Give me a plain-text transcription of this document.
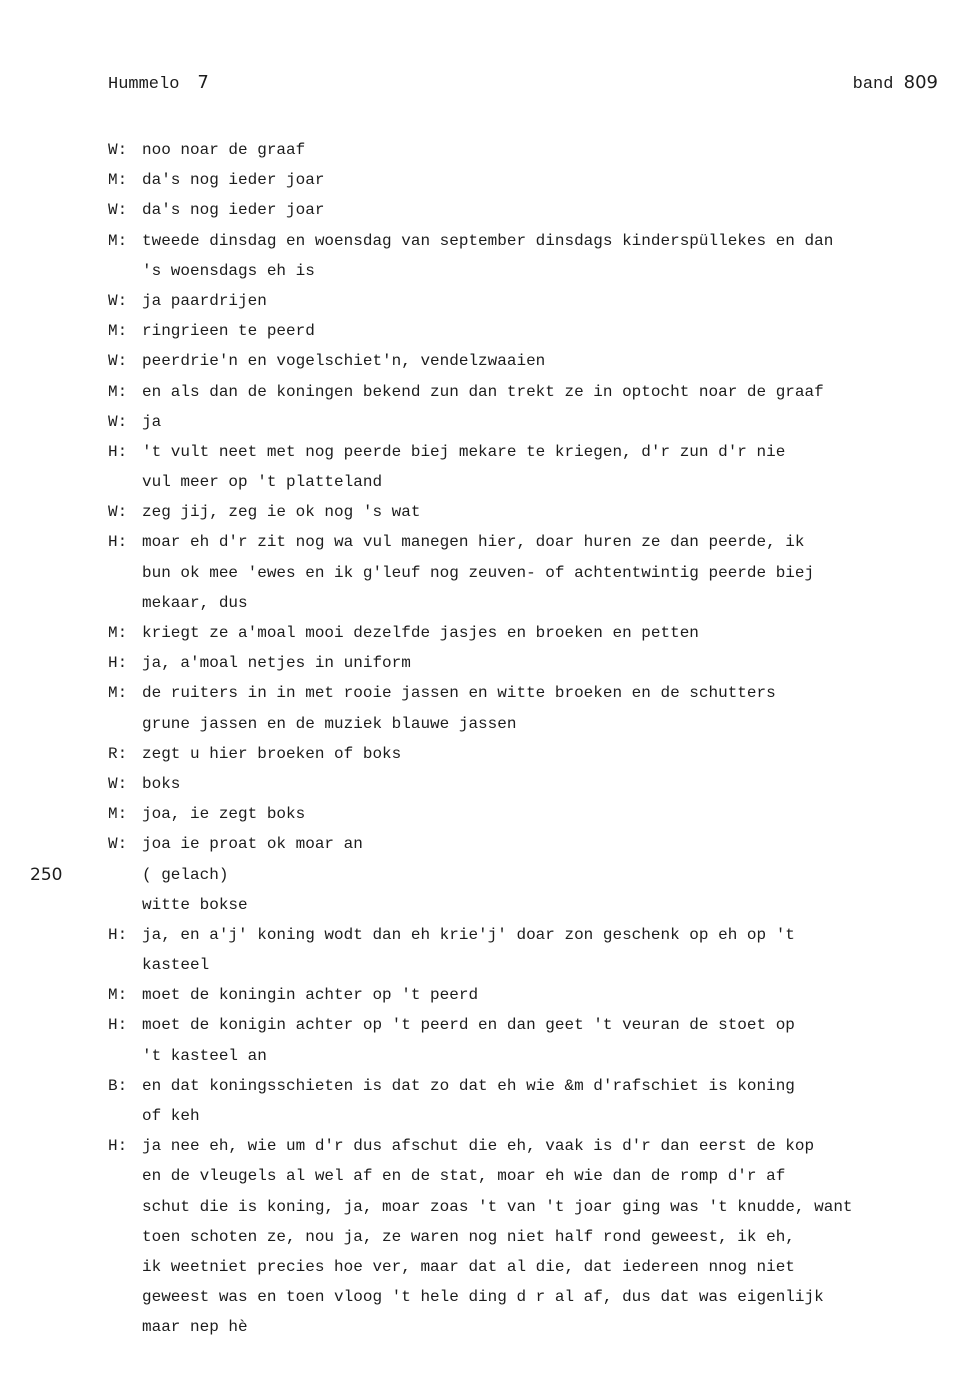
Hummelo 7	band 809
W: noo noar de graaf
M: da's nog ieder joar
W: da's nog ieder joar
M: tweede dinsdag en woensdag van september dinsdags kinderspüllekes en dan
's woensdags eh is
W: ja paardrijen
M: ringrieen te peerd
W: peerdrie'n en vogelschiet'n, vendelzwaaien
M: en als dan de koningen bekend zun dan trekt ze in optocht noar de graaf
W: ja
H: 't vult neet met nog peerde biej mekare te kriegen, d'r zun d'r nie
vul meer op 't platteland
W: zeg jij, zeg ie ok nog 's wat
H: moar eh d'r zit nog wa vul manegen hier, doar huren ze dan peerde, ik
bun ok mee 'ewes en ik g'leuf nog zeuven- of achtentwintig peerde biej
mekaar, dus
M: kriegt ze a'moal mooi dezelfde jasjes en broeken en petten
H: ja, a'moal netjes in uniform
M: de ruiters in in met rooie jassen en witte broeken en de schutters
grune jassen en de muziek blauwe jassen
R: zegt u hier broeken of boks
W: boks
M: joa, ie zegt boks
W: joa ie proat ok moar an
250	( gelach)
witte bokse
H: ja, en a'j' koning wodt dan eh krie'j' doar zon geschenk op eh op 't
kasteel
M: moet de koningin achter op 't peerd
H: moet de konigin achter op 't peerd en dan geet 't veuran de stoet op
't kasteel an
B: en dat koningsschieten is dat zo dat eh wie &m d'rafschiet is koning
of keh
H: ja nee eh, wie um d'r dus afschut die eh, vaak is d'r dan eerst de kop
en de vleugels al wel af en de stat, moar eh wie dan de romp d'r af
schut die is koning, ja, moar zoas 't van 't joar ging was 't knudde, want
toen schoten ze, nou ja, ze waren nog niet half rond geweest, ik eh,
ik weetniet precies hoe ver, maar dat al die, dat iedereen nnog niet
geweest was en toen vloog 't hele ding d r al af, dus dat was eigenlijk
maar nep hè
